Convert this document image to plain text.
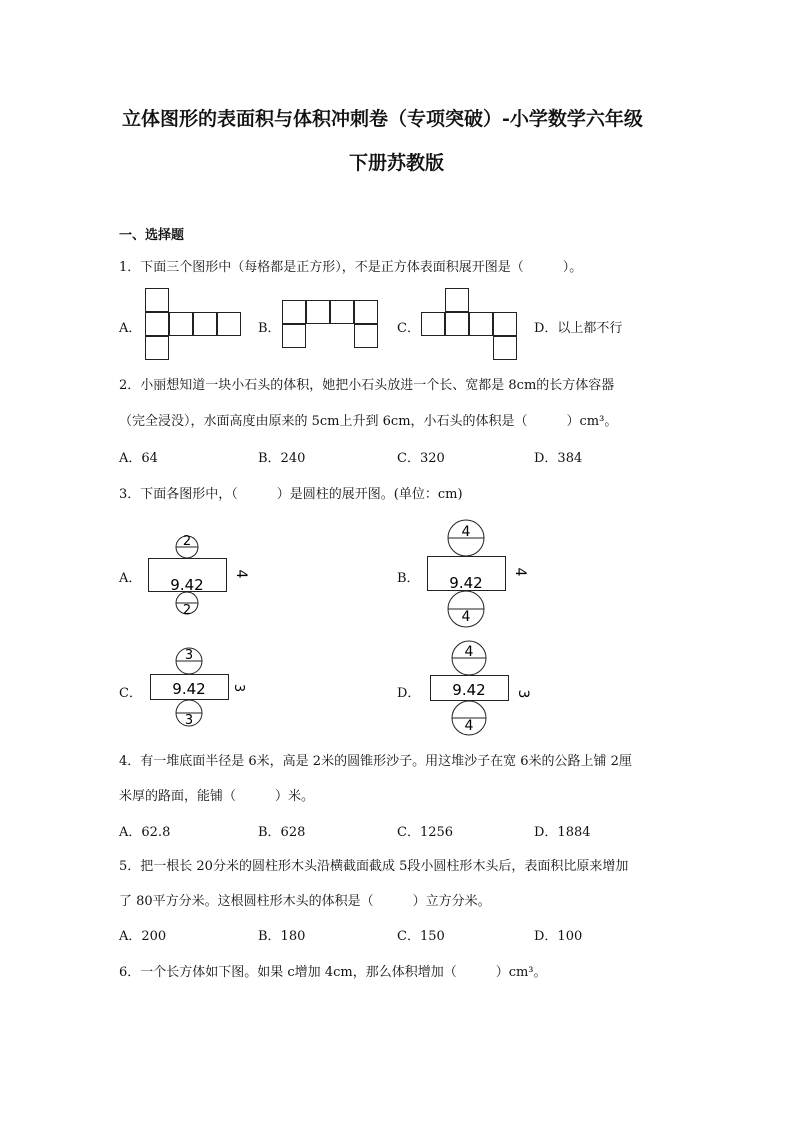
立体图形的表面积与体积冲刺卷（专项突破）-小学数学六年级
下册苏教版
一、选择题
1．下面三个图形中（每格都是正方形），不是正方体表面积展开图是（　　　）。
A．	B．	C．	D．以上都不行
2．小丽想知道一块小石头的体积，她把小石头放进一个长、宽都是 8cm的长方体容器
（完全浸没），水面高度由原来的 5cm上升到 6cm，小石头的体积是（　　　）cm³。
A．64	B．240	C．320	D．384
3．下面各图形中，（　　　）是圆柱的展开图。(单位：cm)
A．
2
9.42
4
2
B．
4
9.42
4
4
C．
3
9.42 3
3
D．
4
9.42 3
4
4．有一堆底面半径是 6米，高是 2米的圆锥形沙子。用这堆沙子在宽 6米的公路上铺 2厘
米厚的路面，能铺（　　　）米。
A．62.8	B．628	C．1256	D．1884
5．把一根长 20分米的圆柱形木头沿横截面截成 5段小圆柱形木头后，表面积比原来增加
了 80平方分米。这根圆柱形木头的体积是（　　　）立方分米。
A．200	B．180	C．150	D．100
6．一个长方体如下图。如果 c增加 4cm，那么体积增加（　　　）cm³。
